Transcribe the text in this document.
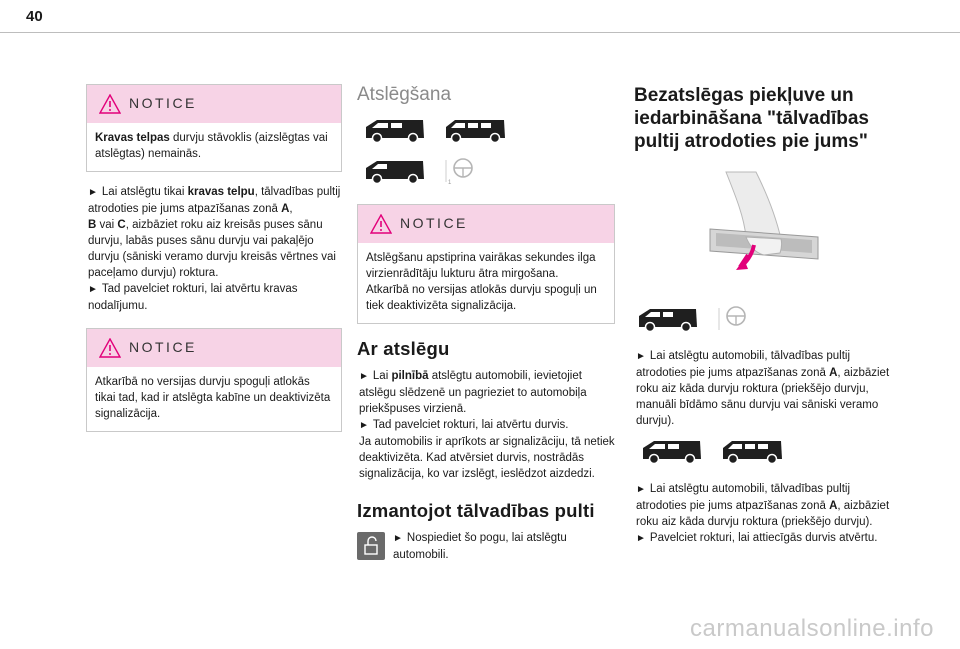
40
NOTICE
Kravas telpas durvju stāvoklis (aizslēgtas vai atslēgtas) nemainās.

► Lai atslēgtu tikai kravas telpu, tālvadības pultij atrodoties pie jums atpazīšanas zonā A,
B vai C, aizbāziet roku aiz kreisās puses sānu durvju, labās puses sānu durvju vai pakaļējo durvju (sāniski veramo durvju kreisās vērtnes vai paceļamo durvju) roktura.
► Tad pavelciet rokturi, lai atvērtu kravas nodalījumu.

NOTICE
Atkarībā no versijas durvju spoguļi atlokās tikai tad, kad ir atslēgta kabīne un deaktivizēta signalizācija.
Atslēgšana

1
NOTICE
Atslēgšanu apstiprina vairākas sekundes ilga virzienrādītāju lukturu ātra mirgošana.
Atkarībā no versijas atlokās durvju spoguļi un tiek deaktivizēta signalizācija.
Ar atslēgu

► Lai pilnībā atslēgtu automobili, ievietojiet atslēgu slēdzenē un pagrieziet to automobiļa priekšpuses virzienā.
► Tad pavelciet rokturi, lai atvērtu durvis.
Ja automobilis ir aprīkots ar signalizāciju, tā netiek deaktivizēta. Kad atvērsiet durvis, nostrādās signalizācija, ko var izslēgt, ieslēdzot aizdedzi.

Izmantojot tālvadības pulti

► Nospiediet šo pogu, lai atslēgtu automobili.

Bezatslēgas piekļuve un iedarbināšana "tālvadības pultij atrodoties pie jums"

► Lai atslēgtu automobili, tālvadības pultij atrodoties pie jums atpazīšanas zonā A, aizbāziet roku aiz kāda durvju roktura (priekšējo durvju, manuāli bīdāmo sānu durvju vai sāniski veramo durvju).

► Lai atslēgtu automobili, tālvadības pultij atrodoties pie jums atpazīšanas zonā A, aizbāziet roku aiz kāda durvju roktura (priekšējo durvju).
► Pavelciet rokturi, lai attiecīgās durvis atvērtu.

carmanualsonline.info
